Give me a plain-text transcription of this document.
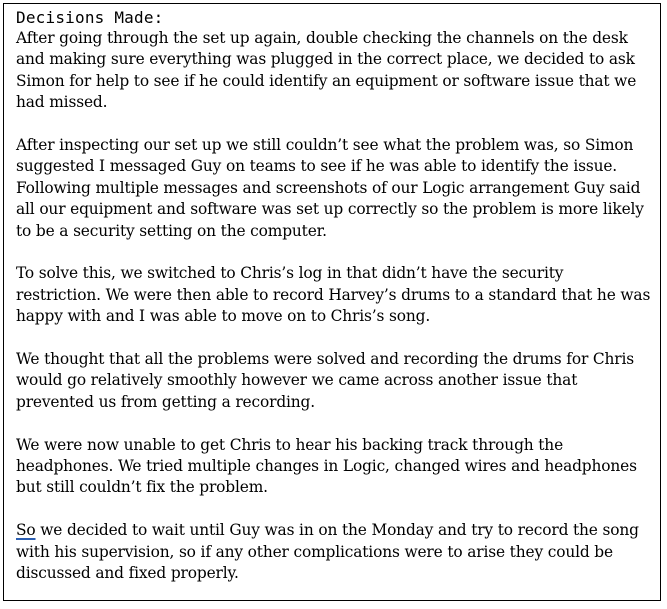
Decisions Made:

After going through the set up again, double checking the channels on the desk
and making sure everything was plugged in the correct place, we decided to ask
Simon for help to see if he could identify an equipment or software issue that we
had missed.

After inspecting our set up we still couldn’t see what the problem was, so Simon
suggested I messaged Guy on teams to see if he was able to identify the issue.
Following multiple messages and screenshots of our Logic arrangement Guy said
all our equipment and software was set up correctly so the problem is more likely
to be a security setting on the computer.

To solve this, we switched to Chris’s log in that didn’t have the security
restriction. We were then able to record Harvey’s drums to a standard that he was
happy with and I was able to move on to Chris’s song.

We thought that all the problems were solved and recording the drums for Chris
would go relatively smoothly however we came across another issue that
prevented us from getting a recording.

We were now unable to get Chris to hear his backing track through the
headphones. We tried multiple changes in Logic, changed wires and headphones
but still couldn’t fix the problem.

So we decided to wait until Guy was in on the Monday and try to record the song
with his supervision, so if any other complications were to arise they could be
discussed and fixed properly.
